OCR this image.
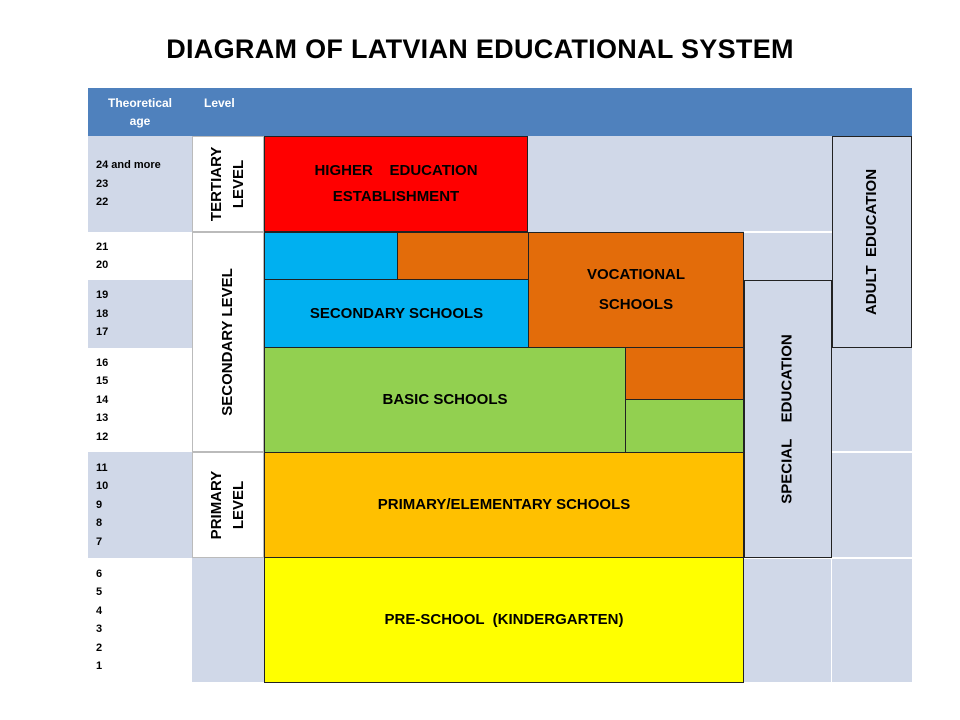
DIAGRAM OF LATVIAN EDUCATIONAL SYSTEM
Theoretical age
Level
24 and more
23
22
21
20
19
18
17
16
15
14
13
12
11
10
9
8
7
6
5
4
3
2
1
TERTIARY LEVEL
SECONDARY LEVEL
PRIMARY LEVEL
HIGHER    EDUCATION ESTABLISHMENT
VOCATIONAL SCHOOLS
SECONDARY SCHOOLS
BASIC SCHOOLS
PRIMARY/ELEMENTARY SCHOOLS
PRE-SCHOOL  (KINDERGARTEN)
SPECIAL    EDUCATION
ADULT  EDUCATION
